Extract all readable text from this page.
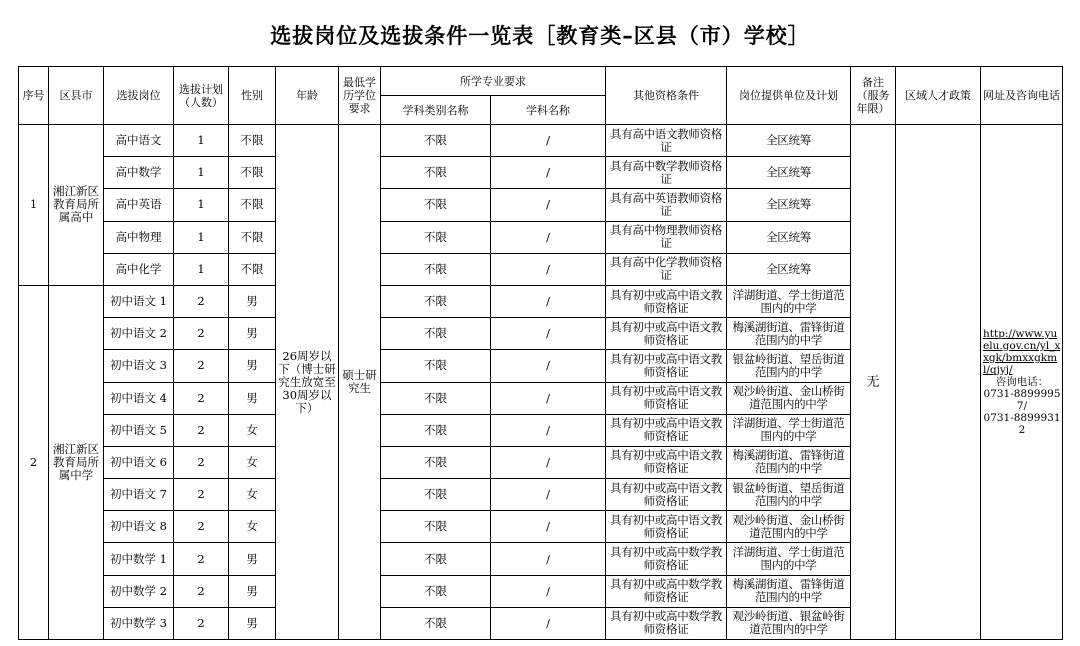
选拔岗位及选拔条件一览表［教育类–区县（市）学校］
序号	区县市	选拔岗位	选拔计划（人数）	性别	年龄	最低学历学位要求	所学专业要求		其他资格条件	岗位提供单位及计划	备注（服务年限）	区域人才政策	网址及咨询电话
							学科类别名称	学科名称					
1	湘江新区教育局所属高中	高中语文	1	不限	26周岁以下（博士研究生放宽至30周岁以下）	硕士研究生	不限	/	具有高中语文教师资格证	全区统筹	无		http://www.yuelu.gov.cn/yl_xxgk/bmxxgkml/qjyj/

咨询电话：
0731-88999957/
0731-88999312

		高中数学	1	不限			不限	/	具有高中数学教师资格证	全区统筹			
		高中英语	1	不限			不限	/	具有高中英语教师资格证	全区统筹			
		高中物理	1	不限			不限	/	具有高中物理教师资格证	全区统筹			
		高中化学	1	不限			不限	/	具有高中化学教师资格证	全区统筹			
2	湘江新区教育局所属中学	初中语文 1	2	男			不限	/	具有初中或高中语文教师资格证	洋湖街道、学士街道范围内的中学			
		初中语文 2	2	男			不限	/	具有初中或高中语文教师资格证	梅溪湖街道、雷锋街道范围内的中学			
		初中语文 3	2	男			不限	/	具有初中或高中语文教师资格证	银盆岭街道、望岳街道范围内的中学			
		初中语文 4	2	男			不限	/	具有初中或高中语文教师资格证	观沙岭街道、金山桥街道范围内的中学			
		初中语文 5	2	女			不限	/	具有初中或高中语文教师资格证	洋湖街道、学士街道范围内的中学			
		初中语文 6	2	女			不限	/	具有初中或高中语文教师资格证	梅溪湖街道、雷锋街道范围内的中学			
		初中语文 7	2	女			不限	/	具有初中或高中语文教师资格证	银盆岭街道、望岳街道范围内的中学			
		初中语文 8	2	女			不限	/	具有初中或高中语文教师资格证	观沙岭街道、金山桥街道范围内的中学			
		初中数学 1	2	男			不限	/	具有初中或高中数学教师资格证	洋湖街道、学士街道范围内的中学			
		初中数学 2	2	男			不限	/	具有初中或高中数学教师资格证	梅溪湖街道、雷锋街道范围内的中学			
		初中数学 3	2	男			不限	/	具有初中或高中数学教师资格证	观沙岭街道、银盆岭街道范围内的中学			
